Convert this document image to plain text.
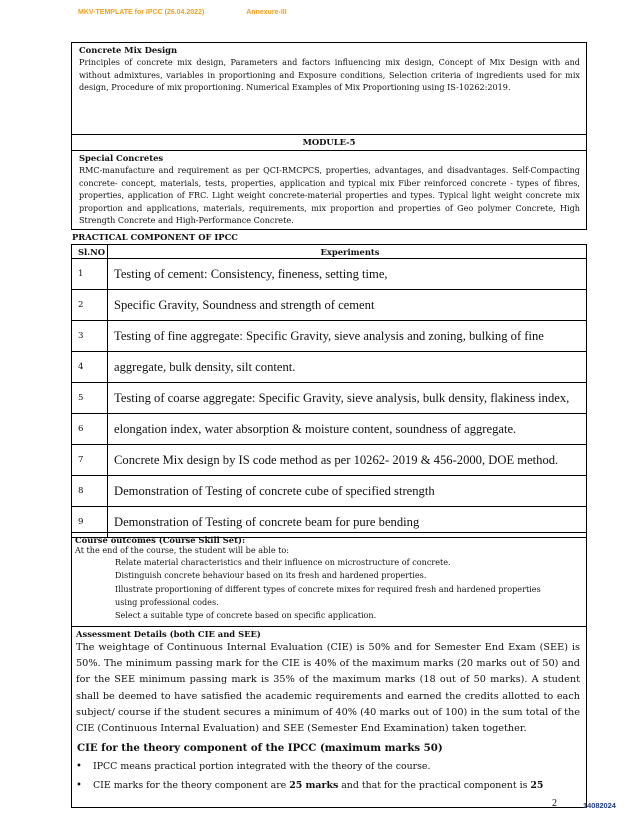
MKV-TEMPLATE for IPCC (26.04.2022)	Annexure-III
Concrete Mix Design
Principles of concrete mix design, Parameters and factors influencing mix design, Concept of Mix Design with and without admixtures, variables in proportioning and Exposure conditions, Selection criteria of ingredients used for mix design, Procedure of mix proportioning. Numerical Examples of Mix Proportioning using IS-10262:2019.
MODULE-5
Special Concretes
RMC-manufacture and requirement as per QCI-RMCPCS, properties, advantages, and disadvantages. Self-Compacting concrete- concept, materials, tests, properties, application and typical mix Fiber reinforced concrete - types of fibres, properties, application of FRC. Light weight concrete-material properties and types. Typical light weight concrete mix proportion and applications, materials, requirements, mix proportion and properties of Geo polymer Concrete, High Strength Concrete and High-Performance Concrete.
PRACTICAL COMPONENT OF IPCC
Sl.NO	Experiments
1	Testing of cement: Consistency, fineness, setting time,
2	Specific Gravity, Soundness and strength of cement
3	Testing of fine aggregate: Specific Gravity, sieve analysis and zoning, bulking of fine
4	aggregate, bulk density, silt content.
5	Testing of coarse aggregate: Specific Gravity, sieve analysis, bulk density, flakiness index,
6	elongation index, water absorption & moisture content, soundness of aggregate.
7	Concrete Mix design by IS code method as per 10262- 2019 & 456-2000, DOE method.
8	Demonstration of Testing of concrete cube of specified strength
9	Demonstration of Testing of concrete beam for pure bending
Course outcomes (Course Skill Set):
At the end of the course, the student will be able to:
Relate material characteristics and their influence on microstructure of concrete.
Distinguish concrete behaviour based on its fresh and hardened properties.
Illustrate proportioning of different types of concrete mixes for required fresh and hardened properties
using professional codes.
Select a suitable type of concrete based on specific application.
Assessment Details (both CIE and SEE)
The weightage of Continuous Internal Evaluation (CIE) is 50% and for Semester End Exam (SEE) is 50%. The minimum passing mark for the CIE is 40% of the maximum marks (20 marks out of 50) and for the SEE minimum passing mark is 35% of the maximum marks (18 out of 50 marks). A student shall be deemed to have satisfied the academic requirements and earned the credits allotted to each subject/ course if the student secures a minimum of 40% (40 marks out of 100) in the sum total of the CIE (Continuous Internal Evaluation) and SEE (Semester End Examination) taken together.
CIE for the theory component of the IPCC (maximum marks 50)
• IPCC means practical portion integrated with the theory of the course.
• CIE marks for the theory component are 25 marks and that for the practical component is 25
2	14082024
